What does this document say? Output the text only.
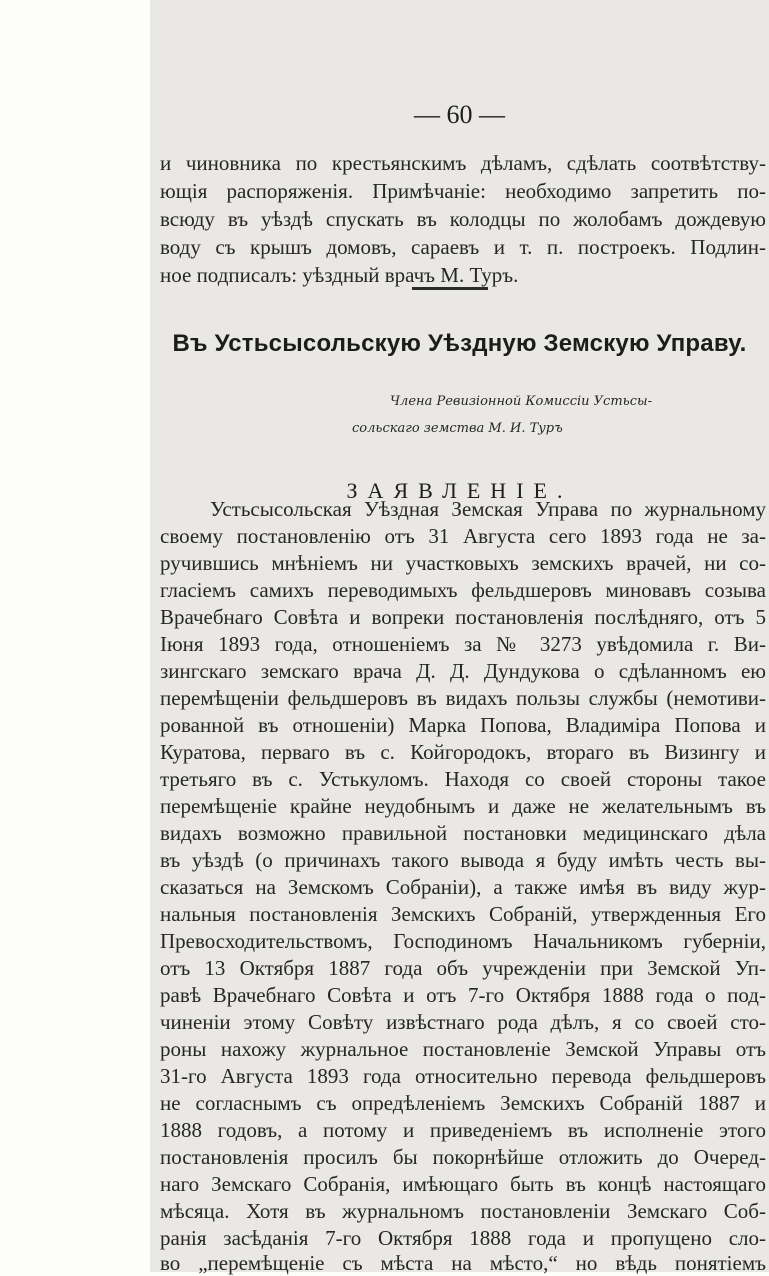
— 60 —
и чиновника по крестьянскимъ дѣламъ, сдѣлать соотвѣтству-
ющія распоряженія. Примѣчаніе: необходимо запретить по-
всюду въ уѣздѣ спускать въ колодцы по жолобамъ дождевую
воду съ крышъ домовъ, сараевъ и т. п. построекъ. Подлин-
ное подписалъ: уѣздный врачъ М. Туръ.
Въ Устьсысольскую Уѣздную Земскую Управу.
Члена Ревизіонной Комиссіи Устьсы-
сольскаго земства М. И. Туръ
ЗАЯВЛЕНІЕ.
Устьсысольская Уѣздная Земская Управа по журнальному
своему постановленію отъ 31 Августа сего 1893 года не за-
ручившись мнѣніемъ ни участковыхъ земскихъ врачей, ни со-
гласіемъ самихъ переводимыхъ фельдшеровъ миновавъ созыва
Врачебнаго Совѣта и вопреки постановленія послѣдняго, отъ 5
Іюня 1893 года, отношеніемъ за № 3273 увѣдомила г. Ви-
зингскаго земскаго врача Д. Д. Дундукова о сдѣланномъ ею
перемѣщеніи фельдшеровъ въ видахъ пользы службы (немотиви-
рованной въ отношеніи) Марка Попова, Владиміра Попова и
Куратова, перваго въ с. Койгородокъ, втораго въ Визингу и
третьяго въ с. Устькуломъ. Находя со своей стороны такое
перемѣщеніе крайне неудобнымъ и даже не желательнымъ въ
видахъ возможно правильной постановки медицинскаго дѣла
въ уѣздѣ (о причинахъ такого вывода я буду имѣть честь вы-
сказаться на Земскомъ Собраніи), а также имѣя въ виду жур-
нальныя постановленія Земскихъ Собраній, утвержденныя Его
Превосходительствомъ, Господиномъ Начальникомъ губерніи,
отъ 13 Октября 1887 года объ учрежденіи при Земской Уп-
равѣ Врачебнаго Совѣта и отъ 7-го Октября 1888 года о под-
чиненіи этому Совѣту извѣстнаго рода дѣлъ, я со своей сто-
роны нахожу журнальное постановленіе Земской Управы отъ
31-го Августа 1893 года относительно перевода фельдшеровъ
не согласнымъ съ опредѣленіемъ Земскихъ Собраній 1887 и
1888 годовъ, а потому и приведеніемъ въ исполненіе этого
постановленія просилъ бы покорнѣйше отложить до Очеред-
наго Земскаго Собранія, имѣющаго быть въ концѣ настоящаго
мѣсяца. Хотя въ журнальномъ постановленіи Земскаго Соб-
ранія засѣданія 7-го Октября 1888 года и пропущено сло-
во „перемѣщеніе съ мѣста на мѣсто,“ но вѣдь понятіемъ
